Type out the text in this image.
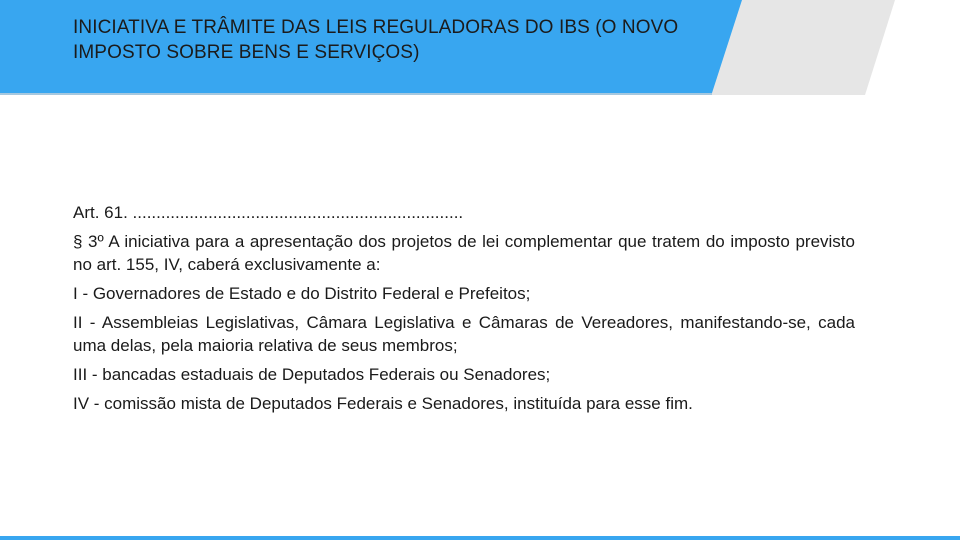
INICIATIVA E TRÂMITE DAS LEIS REGULADORAS DO IBS (O NOVO IMPOSTO SOBRE BENS E SERVIÇOS)

Art. 61. ......................................................................

§ 3º A iniciativa para a apresentação dos projetos de lei complementar que tratem do imposto previsto no art. 155, IV, caberá exclusivamente a:

I - Governadores de Estado e do Distrito Federal e Prefeitos;

II - Assembleias Legislativas, Câmara Legislativa e Câmaras de Vereadores, manifestando-se, cada uma delas, pela maioria relativa de seus membros;

III - bancadas estaduais de Deputados Federais ou Senadores;

IV - comissão mista de Deputados Federais e Senadores, instituída para esse fim.
